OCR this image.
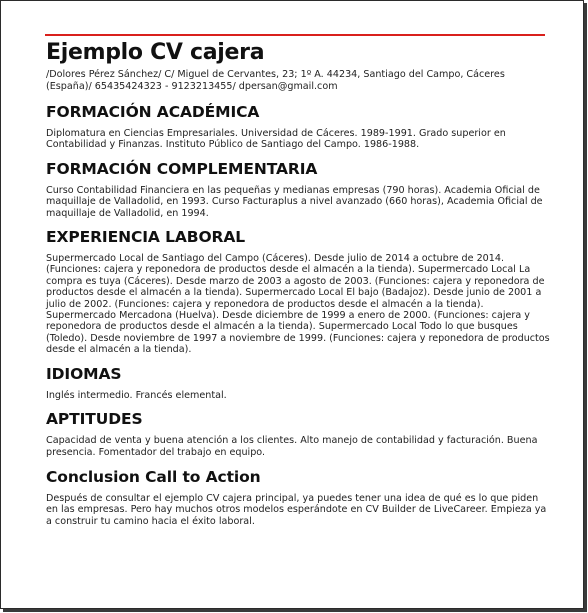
Ejemplo CV cajera

/Dolores Pérez Sánchez/ C/ Miguel de Cervantes, 23; 1º A. 44234, Santiago del Campo, Cáceres (España)/ 65435424323 - 9123213455/ dpersan@gmail.com

FORMACIÓN ACADÉMICA

Diplomatura en Ciencias Empresariales. Universidad de Cáceres. 1989-1991. Grado superior en Contabilidad y Finanzas. Instituto Público de Santiago del Campo. 1986-1988.

FORMACIÓN COMPLEMENTARIA

Curso Contabilidad Financiera en las pequeñas y medianas empresas (790 horas). Academia Oficial de maquillaje de Valladolid, en 1993. Curso Facturaplus a nivel avanzado (660 horas), Academia Oficial de maquillaje de Valladolid, en 1994.

EXPERIENCIA LABORAL

Supermercado Local de Santiago del Campo (Cáceres). Desde julio de 2014 a octubre de 2014. (Funciones: cajera y reponedora de productos desde el almacén a la tienda). Supermercado Local La compra es tuya (Cáceres). Desde marzo de 2003 a agosto de 2003. (Funciones: cajera y reponedora de productos desde el almacén a la tienda). Supermercado Local El bajo (Badajoz). Desde junio de 2001 a julio de 2002. (Funciones: cajera y reponedora de productos desde el almacén a la tienda). Supermercado Mercadona (Huelva). Desde diciembre de 1999 a enero de 2000. (Funciones: cajera y reponedora de productos desde el almacén a la tienda). Supermercado Local Todo lo que busques (Toledo). Desde noviembre de 1997 a noviembre de 1999. (Funciones: cajera y reponedora de productos desde el almacén a la tienda).

IDIOMAS

Inglés intermedio. Francés elemental.

APTITUDES

Capacidad de venta y buena atención a los clientes. Alto manejo de contabilidad y facturación. Buena presencia. Fomentador del trabajo en equipo.

Conclusion Call to Action

Después de consultar el ejemplo CV cajera principal, ya puedes tener una idea de qué es lo que piden en las empresas. Pero hay muchos otros modelos esperándote en CV Builder de LiveCareer. Empieza ya a construir tu camino hacia el éxito laboral.
